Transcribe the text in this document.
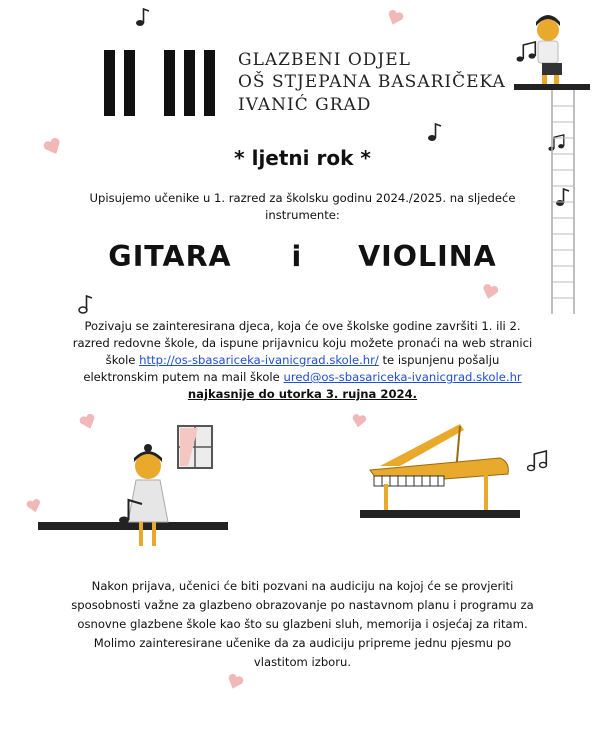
GLAZBENI ODJEL
OŠ STJEPANA BASARIČEKA
IVANIĆ GRAD
* ljetni rok *
Upisujemo učenike u 1. razred za školsku godinu 2024./2025. na sljedeće
instrumente:
GITARA i VIOLINA
Pozivaju se zainteresirana djeca, koja će ove školske godine završiti 1. ili 2.
razred redovne škole, da ispune prijavnicu koju možete pronaći na web stranici
škole http://os-sbasariceka-ivanicgrad.skole.hr/ te ispunjenu pošalju
elektronskim putem na mail škole ured@os-sbasariceka-ivanicgrad.skole.hr
najkasnije do utorka 3. rujna 2024.
Nakon prijava, učenici će biti pozvani na audiciju na kojoj će se provjeriti
sposobnosti važne za glazbeno obrazovanje po nastavnom planu i programu za
osnovne glazbene škole kao što su glazbeni sluh, memorija i osjećaj za ritam.
Molimo zainteresirane učenike da za audiciju pripreme jednu pjesmu po
vlastitom izboru.
